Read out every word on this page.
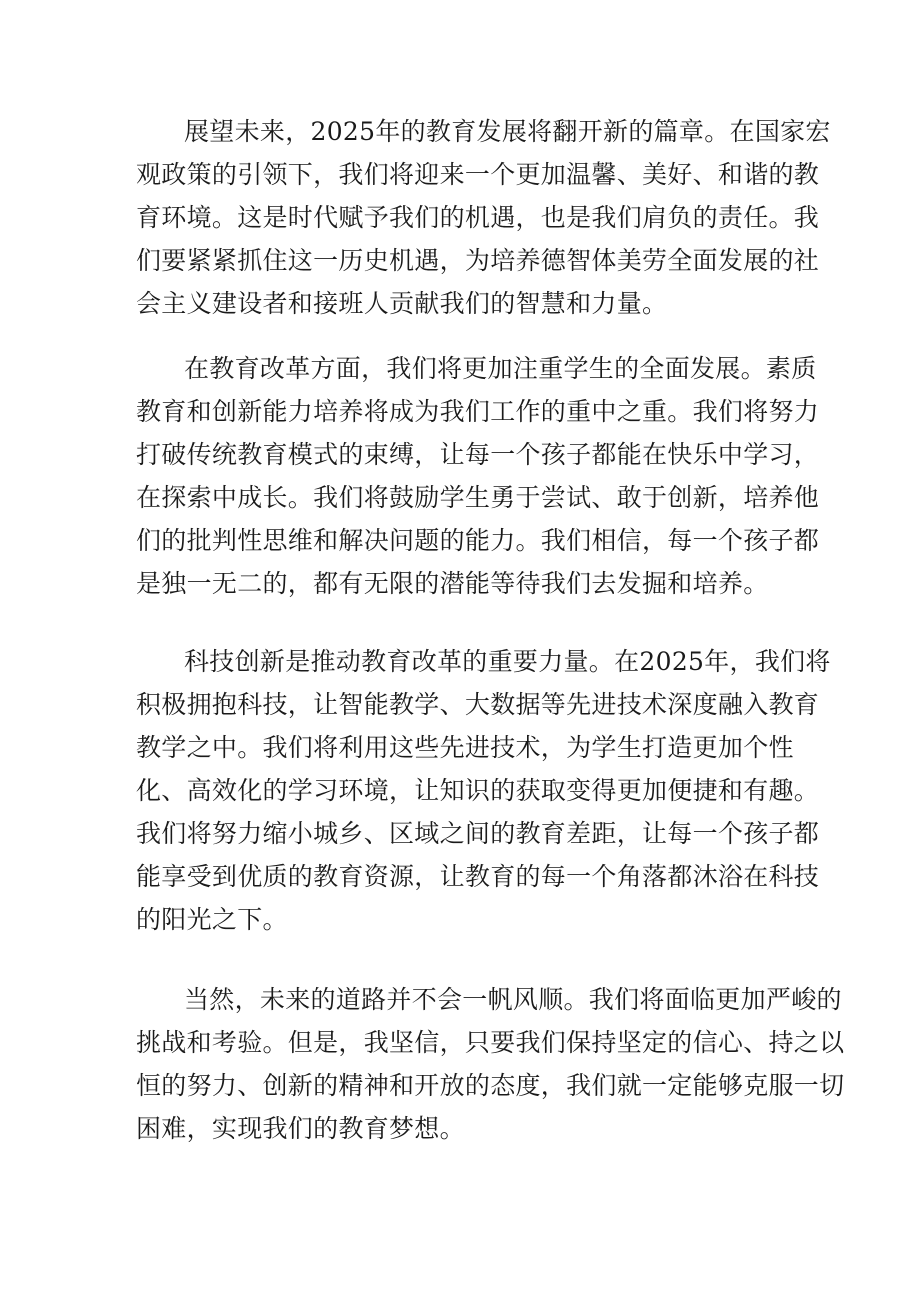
展望未来，2025年的教育发展将翻开新的篇章。在国家宏
观政策的引领下，我们将迎来一个更加温馨、美好、和谐的教
育环境。这是时代赋予我们的机遇，也是我们肩负的责任。我
们要紧紧抓住这一历史机遇，为培养德智体美劳全面发展的社
会主义建设者和接班人贡献我们的智慧和力量。
在教育改革方面，我们将更加注重学生的全面发展。素质
教育和创新能力培养将成为我们工作的重中之重。我们将努力
打破传统教育模式的束缚，让每一个孩子都能在快乐中学习，
在探索中成长。我们将鼓励学生勇于尝试、敢于创新，培养他
们的批判性思维和解决问题的能力。我们相信，每一个孩子都
是独一无二的，都有无限的潜能等待我们去发掘和培养。
科技创新是推动教育改革的重要力量。在2025年，我们将
积极拥抱科技，让智能教学、大数据等先进技术深度融入教育
教学之中。我们将利用这些先进技术，为学生打造更加个性
化、高效化的学习环境，让知识的获取变得更加便捷和有趣。
我们将努力缩小城乡、区域之间的教育差距，让每一个孩子都
能享受到优质的教育资源，让教育的每一个角落都沐浴在科技
的阳光之下。
当然，未来的道路并不会一帆风顺。我们将面临更加严峻的
挑战和考验。但是，我坚信，只要我们保持坚定的信心、持之以
恒的努力、创新的精神和开放的态度，我们就一定能够克服一切
困难，实现我们的教育梦想。
